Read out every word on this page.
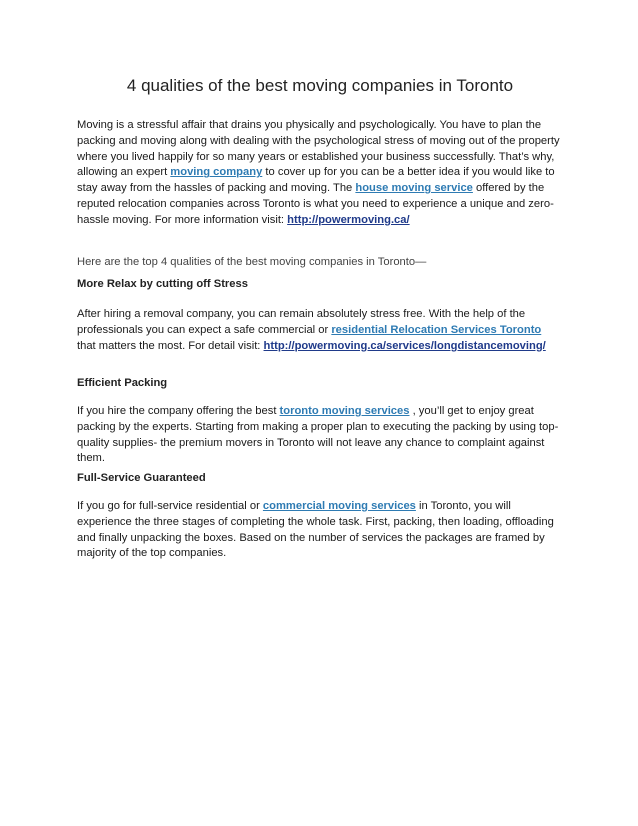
4 qualities of the best moving companies in Toronto
Moving is a stressful affair that drains you physically and psychologically. You have to plan the packing and moving along with dealing with the psychological stress of moving out of the property where you lived happily for so many years or established your business successfully. That’s why, allowing an expert moving company to cover up for you can be a better idea if you would like to stay away from the hassles of packing and moving. The house moving service offered by the reputed relocation companies across Toronto is what you need to experience a unique and zero-hassle moving. For more information visit: http://powermoving.ca/
Here are the top 4 qualities of the best moving companies in Toronto—
More Relax by cutting off Stress
After hiring a removal company, you can remain absolutely stress free. With the help of the professionals you can expect a safe commercial or residential Relocation Services Toronto that matters the most. For detail visit: http://powermoving.ca/services/longdistancemoving/
Efficient Packing
If you hire the company offering the best toronto moving services , you’ll get to enjoy great packing by the experts. Starting from making a proper plan to executing the packing by using top-quality supplies- the premium movers in Toronto will not leave any chance to complaint against them.
Full-Service Guaranteed
If you go for full-service residential or commercial moving services in Toronto, you will experience the three stages of completing the whole task. First, packing, then loading, offloading and finally unpacking the boxes. Based on the number of services the packages are framed by majority of the top companies.
